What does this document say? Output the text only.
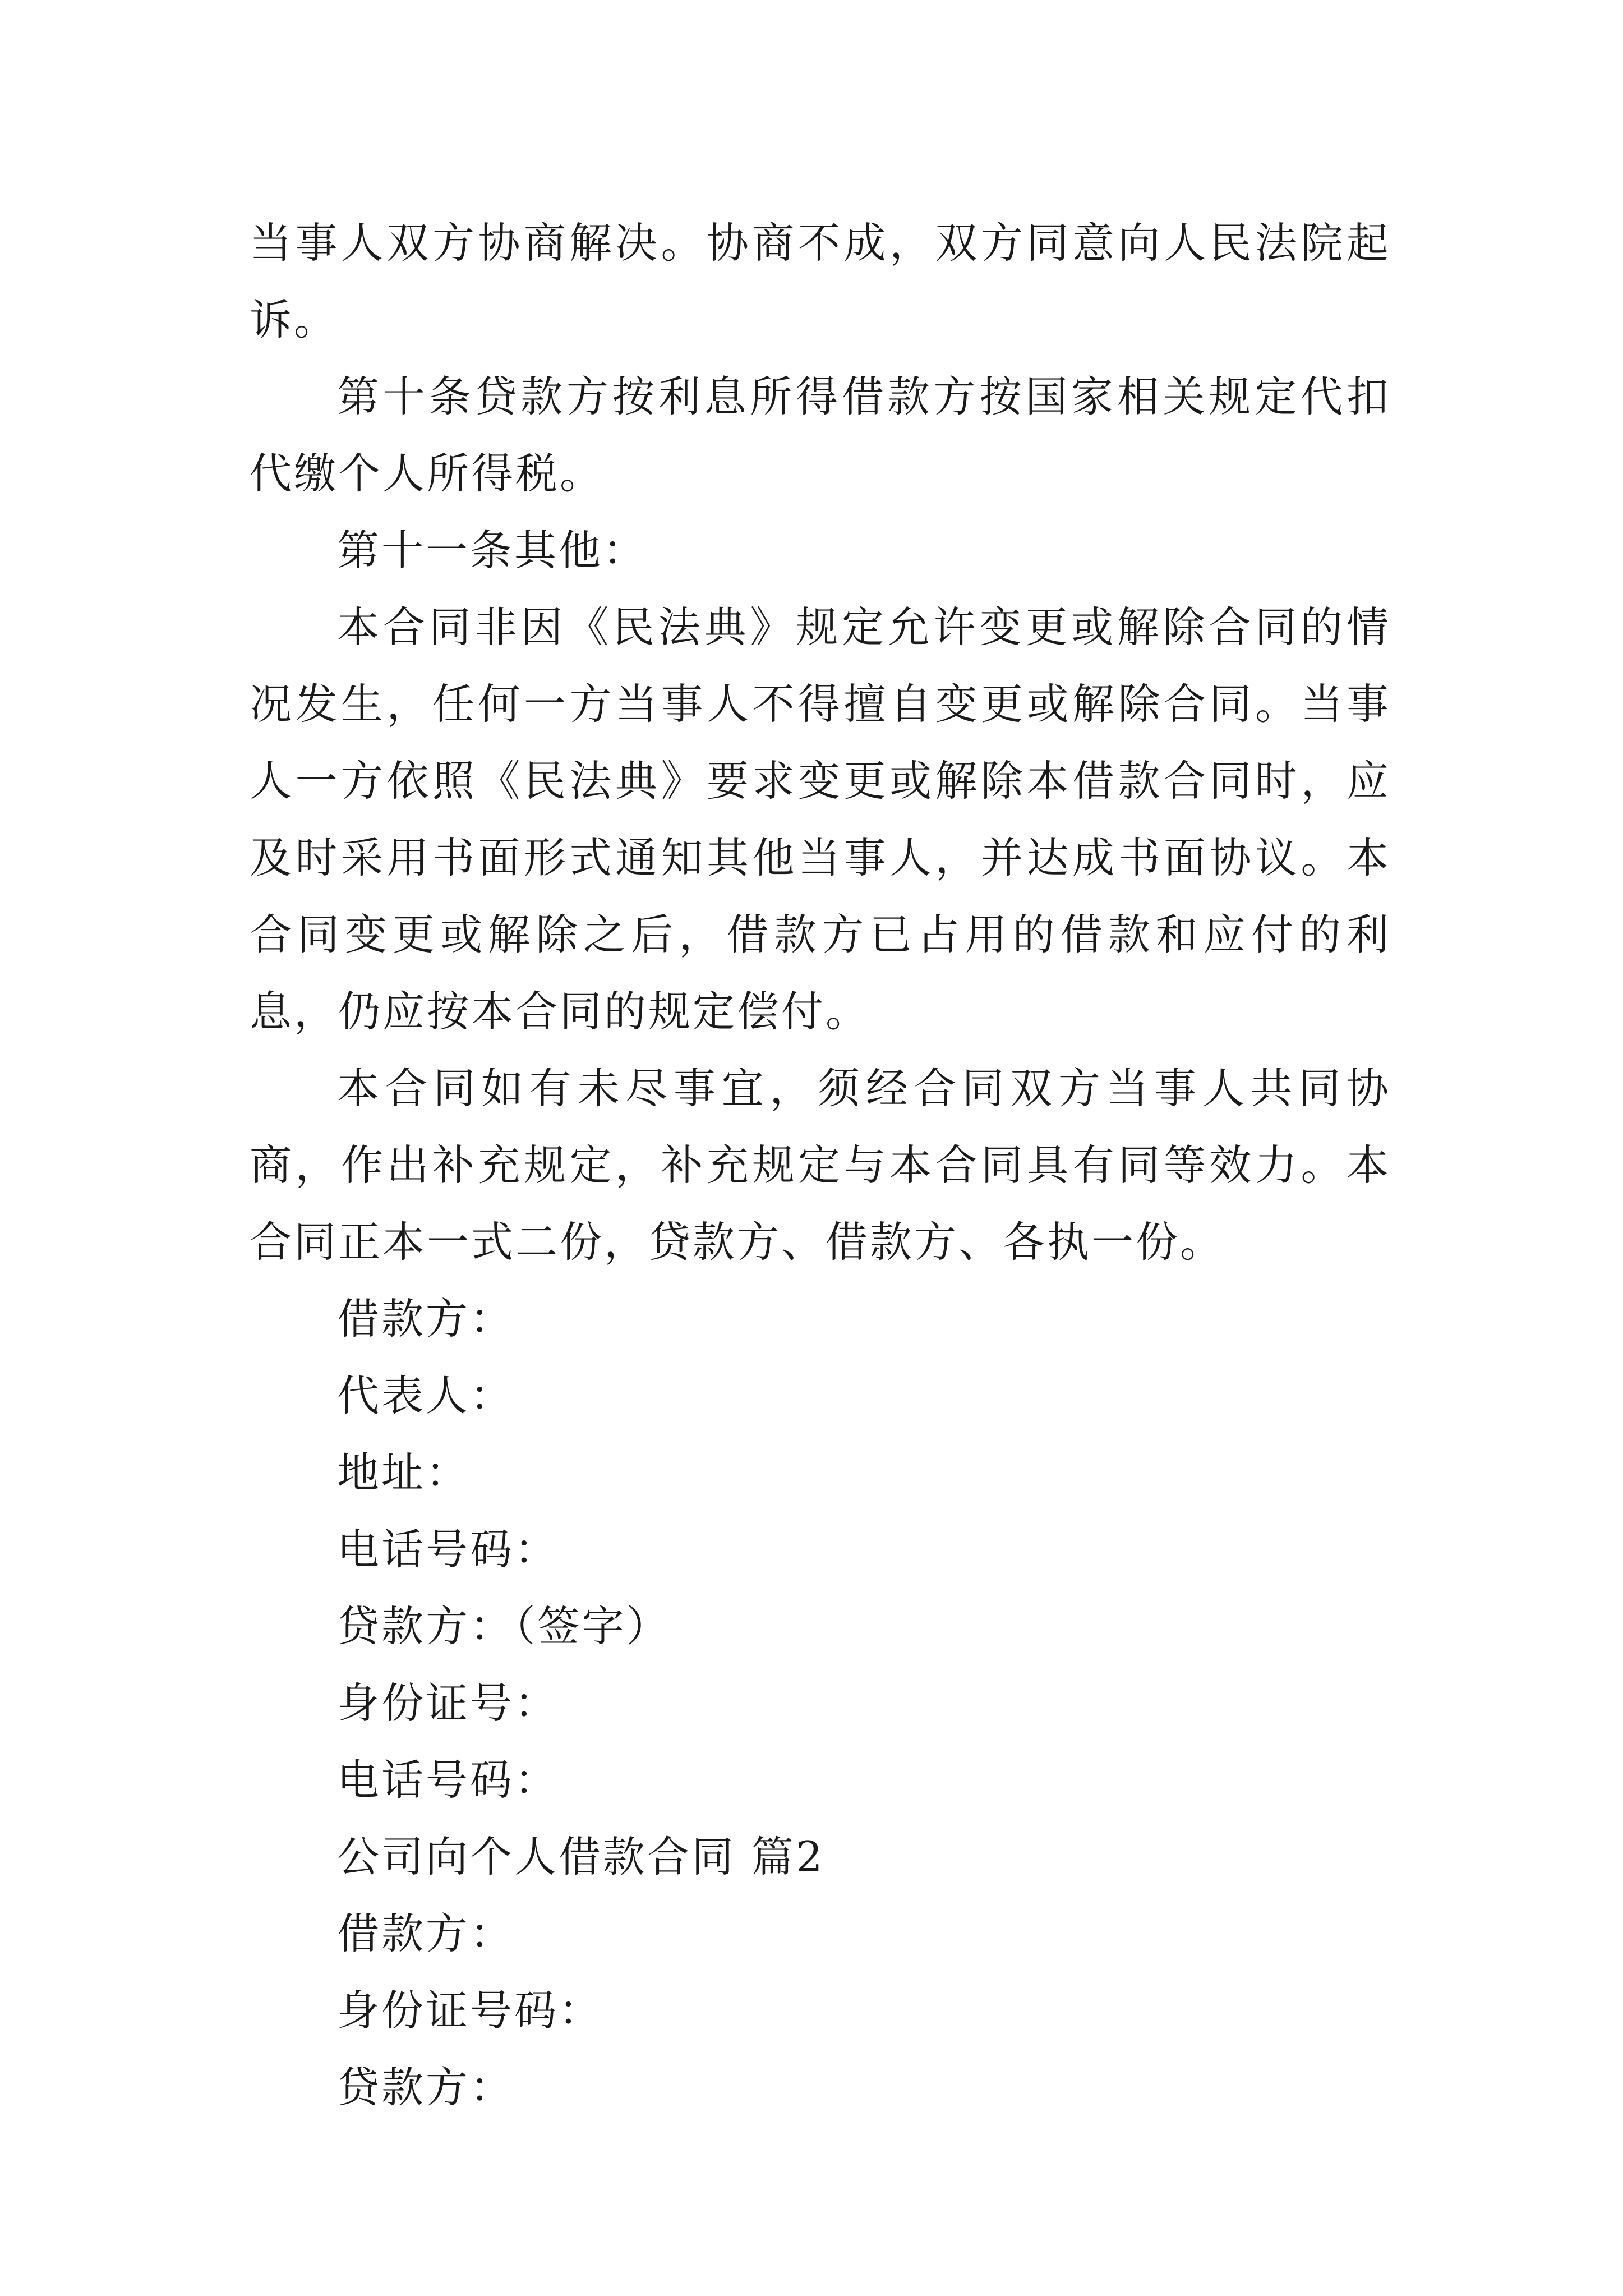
当事人双方协商解决。协商不成，双方同意向人民法院起诉。

第十条贷款方按利息所得借款方按国家相关规定代扣代缴个人所得税。

第十一条其他：

本合同非因《民法典》规定允许变更或解除合同的情况发生，任何一方当事人不得擅自变更或解除合同。当事人一方依照《民法典》要求变更或解除本借款合同时，应及时采用书面形式通知其他当事人，并达成书面协议。本合同变更或解除之后，借款方已占用的借款和应付的利息，仍应按本合同的规定偿付。

本合同如有未尽事宜，须经合同双方当事人共同协商，作出补充规定，补充规定与本合同具有同等效力。本合同正本一式二份，贷款方、借款方、各执一份。

借款方：

代表人：

地址：

电话号码：

贷款方：（签字）

身份证号：

电话号码：

公司向个人借款合同 篇2

借款方：

身份证号码：

贷款方：
